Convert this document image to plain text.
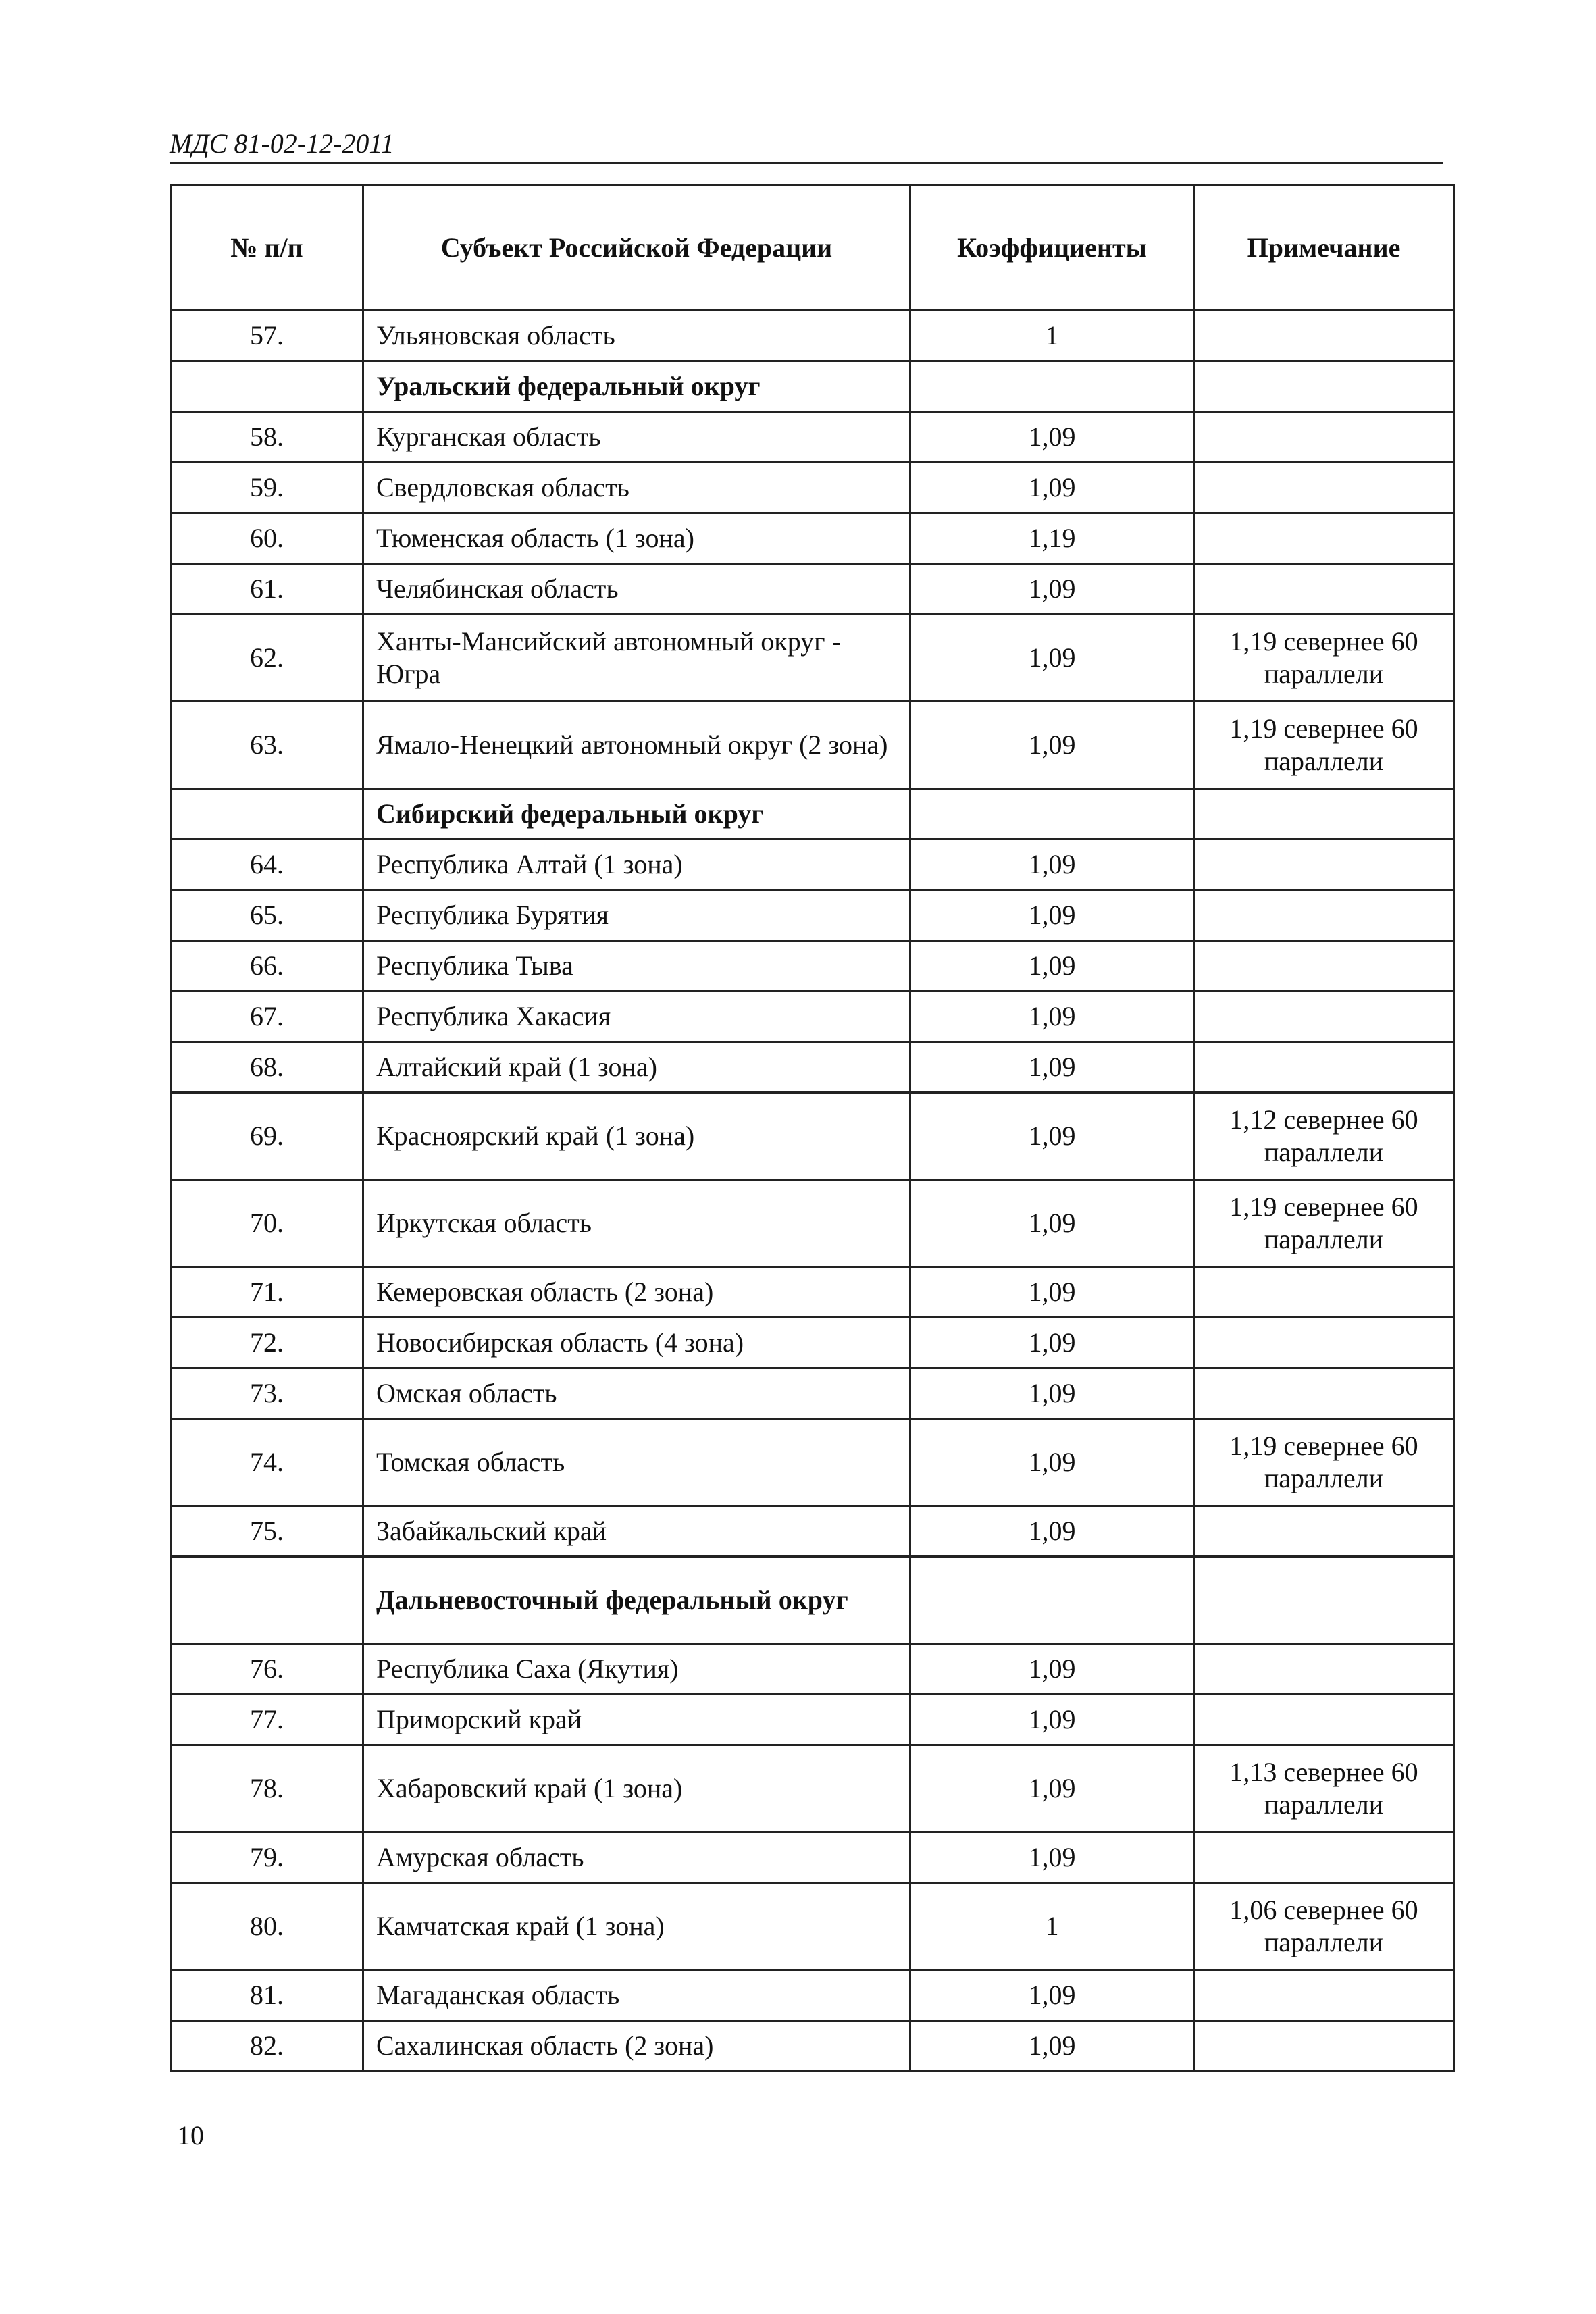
МДС 81-02-12-2011
№ п/п	Субъект Российской Федерации	Коэффициенты	Примечание
57.	Ульяновская область	1	
	Уральский федеральный округ		
58.	Курганская область	1,09	
59.	Свердловская область	1,09	
60.	Тюменская область (1 зона)	1,19	
61.	Челябинская область	1,09	
62.	Ханты-Мансийский автономный округ - Югра	1,09	1,19 севернее 60 параллели
63.	Ямало-Ненецкий автономный округ (2 зона)	1,09	1,19 севернее 60 параллели
	Сибирский федеральный округ		
64.	Республика Алтай (1 зона)	1,09	
65.	Республика Бурятия	1,09	
66.	Республика Тыва	1,09	
67.	Республика Хакасия	1,09	
68.	Алтайский край (1 зона)	1,09	
69.	Красноярский край (1 зона)	1,09	1,12 севернее 60 параллели
70.	Иркутская область	1,09	1,19 севернее 60 параллели
71.	Кемеровская область (2 зона)	1,09	
72.	Новосибирская область (4 зона)	1,09	
73.	Омская область	1,09	
74.	Томская область	1,09	1,19 севернее 60 параллели
75.	Забайкальский край	1,09	
	Дальневосточный федеральный округ		
76.	Республика Саха (Якутия)	1,09	
77.	Приморский край	1,09	
78.	Хабаровский край (1 зона)	1,09	1,13 севернее 60 параллели
79.	Амурская область	1,09	
80.	Камчатская край (1 зона)	1	1,06 севернее 60 параллели
81.	Магаданская область	1,09	
82.	Сахалинская область (2 зона)	1,09	
10
